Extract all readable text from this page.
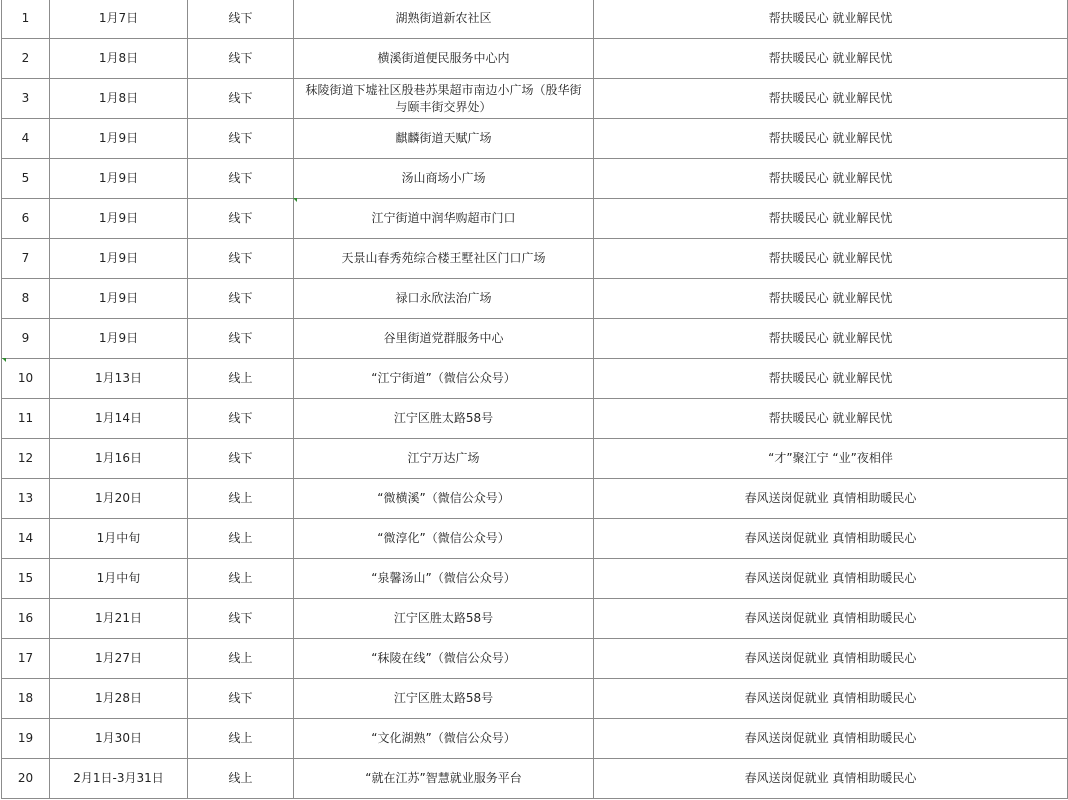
1	1月7日	线下	湖熟街道新农社区	帮扶暖民心 就业解民忧
2	1月8日	线下	横溪街道便民服务中心内	帮扶暖民心 就业解民忧
3	1月8日	线下	秣陵街道下墟社区殷巷苏果超市南边小广场（殷华街与颐丰街交界处）	帮扶暖民心 就业解民忧
4	1月9日	线下	麒麟街道天赋广场	帮扶暖民心 就业解民忧
5	1月9日	线下	汤山商场小广场	帮扶暖民心 就业解民忧
6	1月9日	线下	江宁街道中润华购超市门口	帮扶暖民心 就业解民忧
7	1月9日	线下	天景山春秀苑综合楼王墅社区门口广场	帮扶暖民心 就业解民忧
8	1月9日	线下	禄口永欣法治广场	帮扶暖民心 就业解民忧
9	1月9日	线下	谷里街道党群服务中心	帮扶暖民心 就业解民忧
10	1月13日	线上	“江宁街道”（微信公众号）	帮扶暖民心 就业解民忧
11	1月14日	线下	江宁区胜太路58号	帮扶暖民心 就业解民忧
12	1月16日	线下	江宁万达广场	“才”聚江宁 “业”夜相伴
13	1月20日	线上	“微横溪”（微信公众号）	春风送岗促就业 真情相助暖民心
14	1月中旬	线上	“微淳化”（微信公众号）	春风送岗促就业 真情相助暖民心
15	1月中旬	线上	“泉馨汤山”（微信公众号）	春风送岗促就业 真情相助暖民心
16	1月21日	线下	江宁区胜太路58号	春风送岗促就业 真情相助暖民心
17	1月27日	线上	“秣陵在线”（微信公众号）	春风送岗促就业 真情相助暖民心
18	1月28日	线下	江宁区胜太路58号	春风送岗促就业 真情相助暖民心
19	1月30日	线上	“文化湖熟”（微信公众号）	春风送岗促就业 真情相助暖民心
20	2月1日-3月31日	线上	“就在江苏”智慧就业服务平台	春风送岗促就业 真情相助暖民心
